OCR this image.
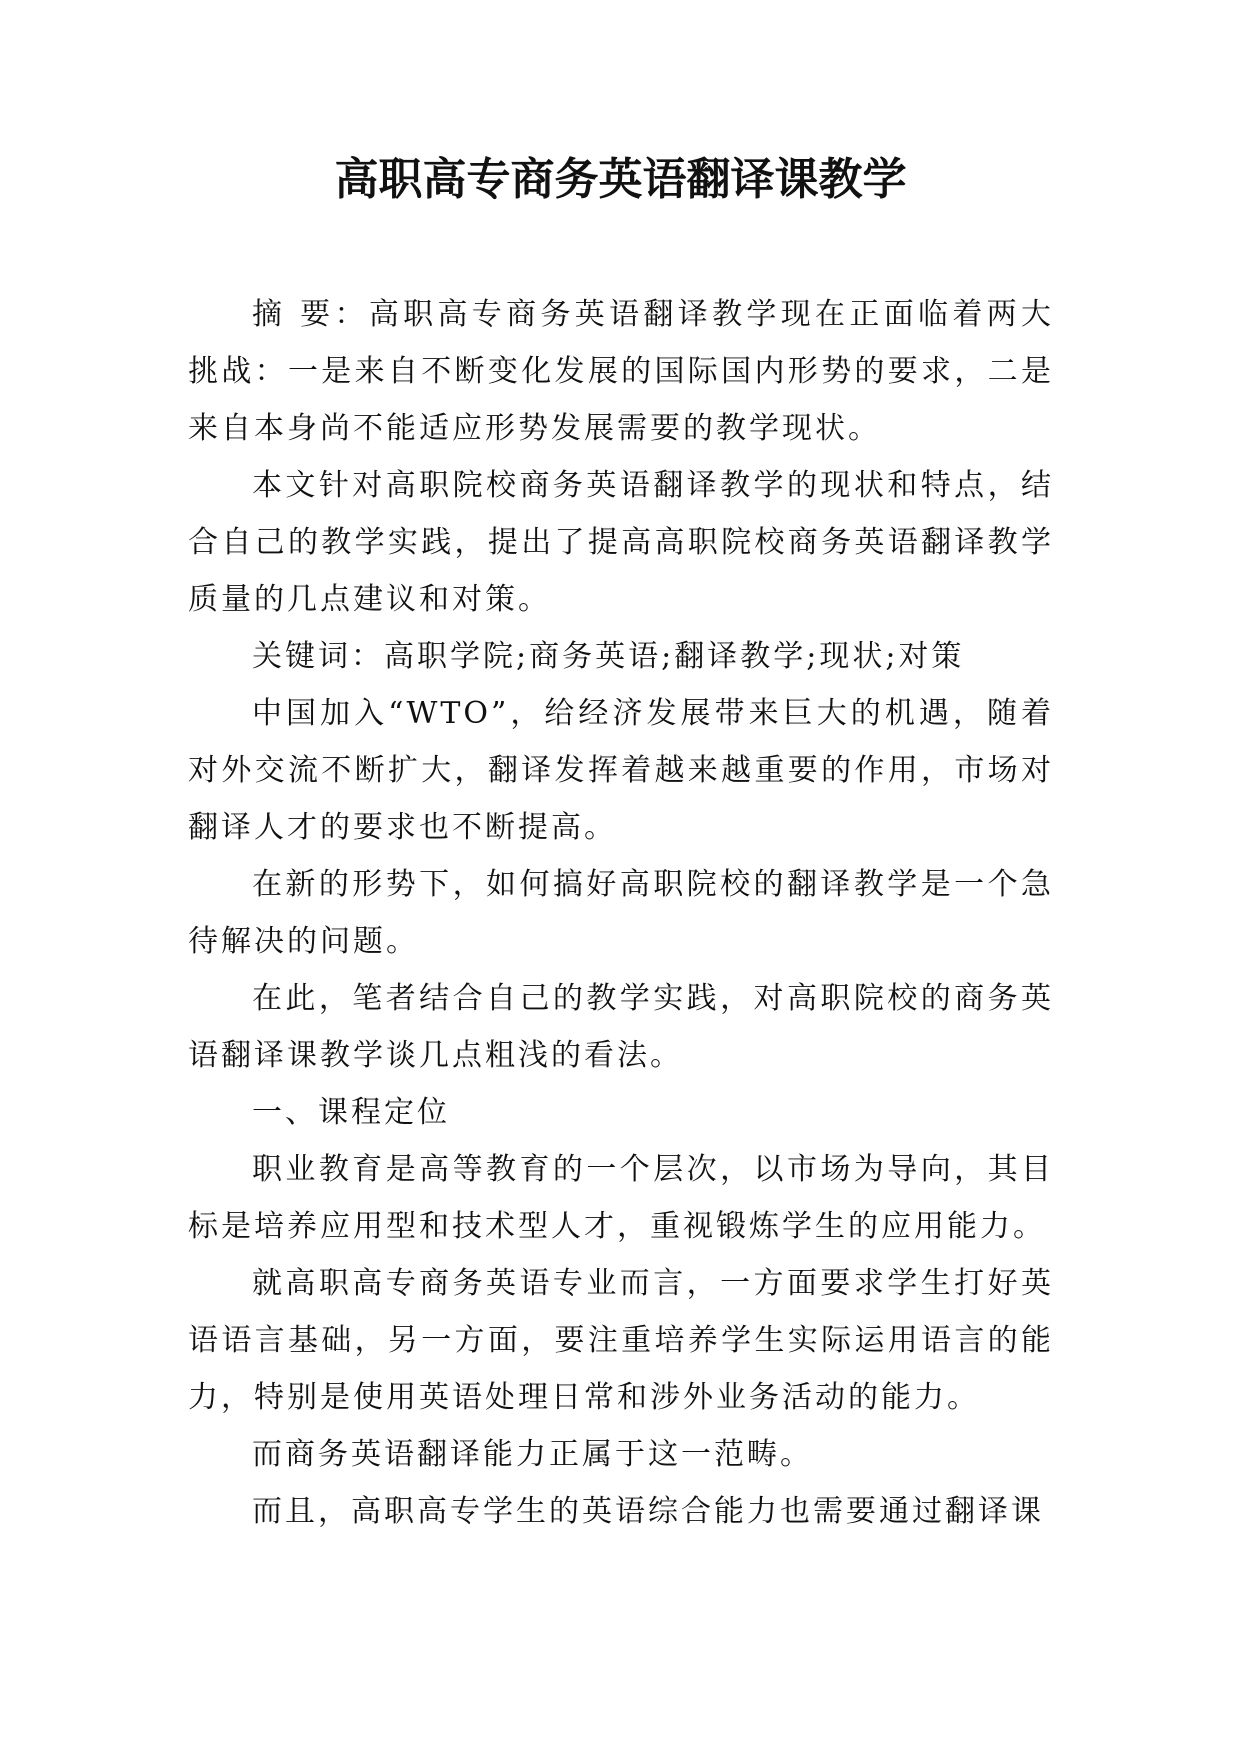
高职高专商务英语翻译课教学

摘 要：高职高专商务英语翻译教学现在正面临着两大挑战：一是来自不断变化发展的国际国内形势的要求，二是来自本身尚不能适应形势发展需要的教学现状。

本文针对高职院校商务英语翻译教学的现状和特点，结合自己的教学实践，提出了提高高职院校商务英语翻译教学质量的几点建议和对策。

关键词：高职学院;商务英语;翻译教学;现状;对策

中国加入“WTO”，给经济发展带来巨大的机遇，随着对外交流不断扩大，翻译发挥着越来越重要的作用，市场对翻译人才的要求也不断提高。

在新的形势下，如何搞好高职院校的翻译教学是一个急待解决的问题。

在此，笔者结合自己的教学实践，对高职院校的商务英语翻译课教学谈几点粗浅的看法。

一、课程定位

职业教育是高等教育的一个层次，以市场为导向，其目标是培养应用型和技术型人才，重视锻炼学生的应用能力。

就高职高专商务英语专业而言，一方面要求学生打好英语语言基础，另一方面，要注重培养学生实际运用语言的能力，特别是使用英语处理日常和涉外业务活动的能力。

而商务英语翻译能力正属于这一范畴。

而且，高职高专学生的英语综合能力也需要通过翻译课
